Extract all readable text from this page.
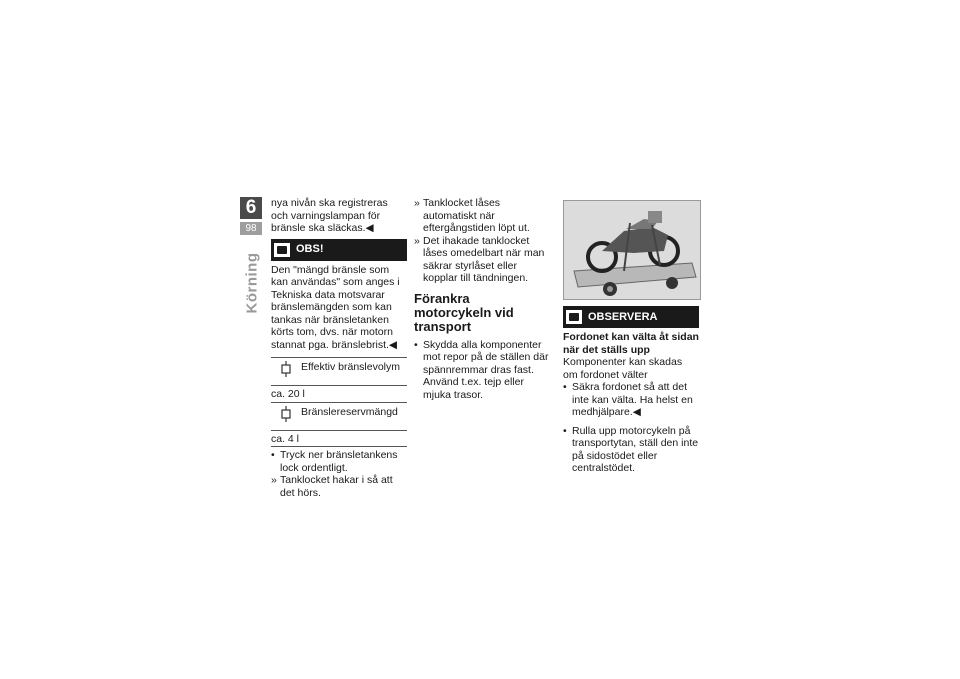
6
98
Körning

nya nivån ska registreras och varningslampan för bränsle ska släckas.◀

OBS!

Den "mängd bränsle som kan användas" som anges i Tekniska data motsvarar bränslemängden som kan tankas när bränsletanken körts tom, dvs. när motorn stannat pga. bränslebrist.◀

Effektiv bränslevolym
ca. 20 l
Bränslereservmängd
ca. 4 l
• Tryck ner bränsletankens lock ordentligt.
» Tanklocket hakar i så att det hörs.
» Tanklocket låses automatiskt när eftergångstiden löpt ut.
» Det ihakade tanklocket låses omedelbart när man säkrar styrlåset eller kopplar till tändningen.
Förankra motorcykeln vid transport
• Skydda alla komponenter mot repor på de ställen där spännremmar dras fast. Använd t.ex. tejp eller mjuka trasor.
OBSERVERA

Fordonet kan välta åt sidan när det ställs upp

Komponenter kan skadas om fordonet välter

• Säkra fordonet så att det inte kan välta. Ha helst en medhjälpare.◀
• Rulla upp motorcykeln på transportytan, ställ den inte på sidostödet eller centralstödet.
